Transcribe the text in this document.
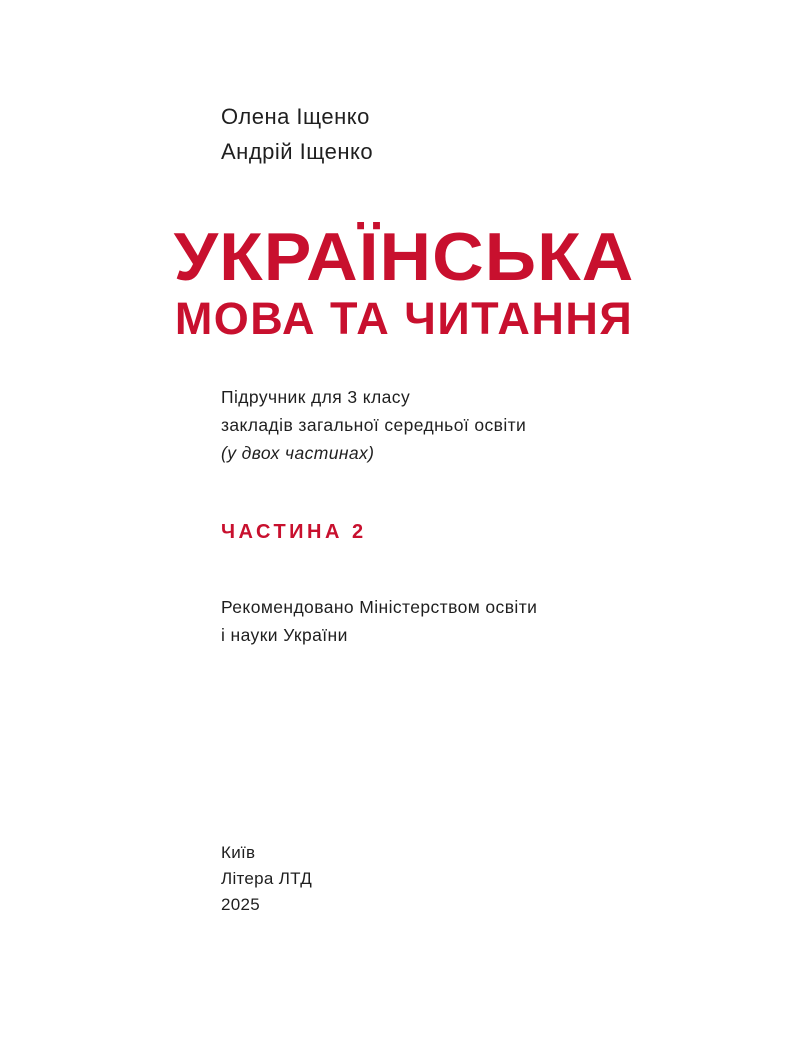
Олена Іщенко
Андрій Іщенко
УКРАЇНСЬКА
МОВА ТА ЧИТАННЯ
Підручник для 3 класу
закладів загальної середньої освіти
(у двох частинах)
ЧАСТИНА 2
Рекомендовано Міністерством освіти
і науки України
Київ
Літера ЛТД
2025
